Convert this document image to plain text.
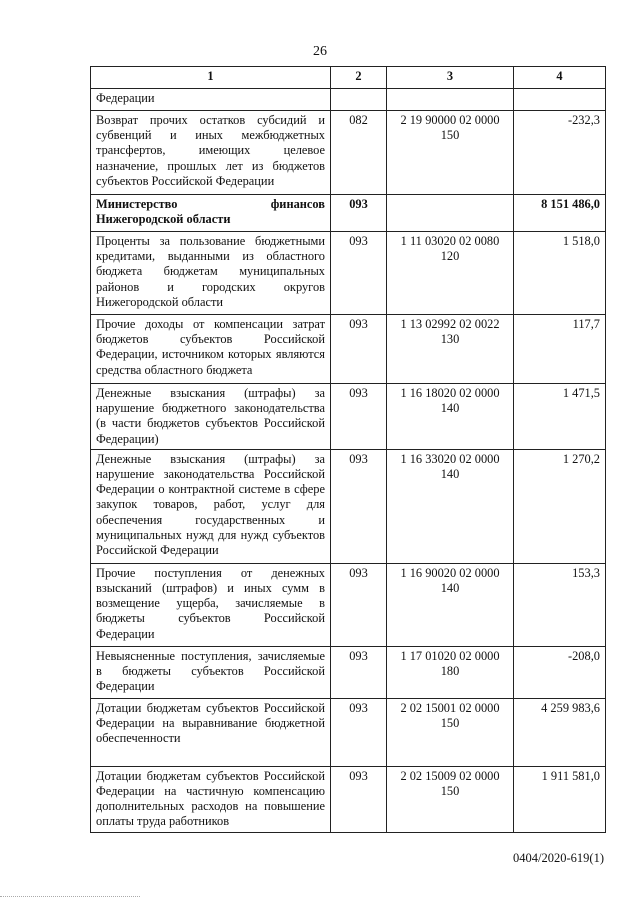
26
1	2	3	4
Федерации			
Возврат прочих остатков субсидий и субвенций и иных межбюджетных трансфертов, имеющих целевое назначение, прошлых лет из бюджетов субъектов Российской Федерации	082	2 19 90000 02 0000 150	-232,3
Министерство финансов Нижегородской области	093		8 151 486,0
Проценты за пользование бюджетными кредитами, выданными из областного бюджета бюджетам муниципальных районов и городских округов Нижегородской области	093	1 11 03020 02 0080 120	1 518,0
Прочие доходы от компенсации затрат бюджетов субъектов Российской Федерации, источником которых являются средства областного бюджета	093	1 13 02992 02 0022 130	117,7
Денежные взыскания (штрафы) за нарушение бюджетного законодательства (в части бюджетов субъектов Российской Федерации)	093	1 16 18020 02 0000 140	1 471,5
Денежные взыскания (штрафы) за нарушение законодательства Российской Федерации о контрактной системе в сфере закупок товаров, работ, услуг для обеспечения государственных и муниципальных нужд для нужд субъектов Российской Федерации	093	1 16 33020 02 0000 140	1 270,2
Прочие поступления от денежных взысканий (штрафов) и иных сумм в возмещение ущерба, зачисляемые в бюджеты субъектов Российской Федерации	093	1 16 90020 02 0000 140	153,3
Невыясненные поступления, зачисляемые в бюджеты субъектов Российской Федерации	093	1 17 01020 02 0000 180	-208,0
Дотации бюджетам субъектов Российской Федерации на выравнивание бюджетной обеспеченности	093	2 02 15001 02 0000 150	4 259 983,6
Дотации бюджетам субъектов Российской Федерации на частичную компенсацию дополнительных расходов на повышение оплаты труда работников	093	2 02 15009 02 0000 150	1 911 581,0
0404/2020-619(1)
